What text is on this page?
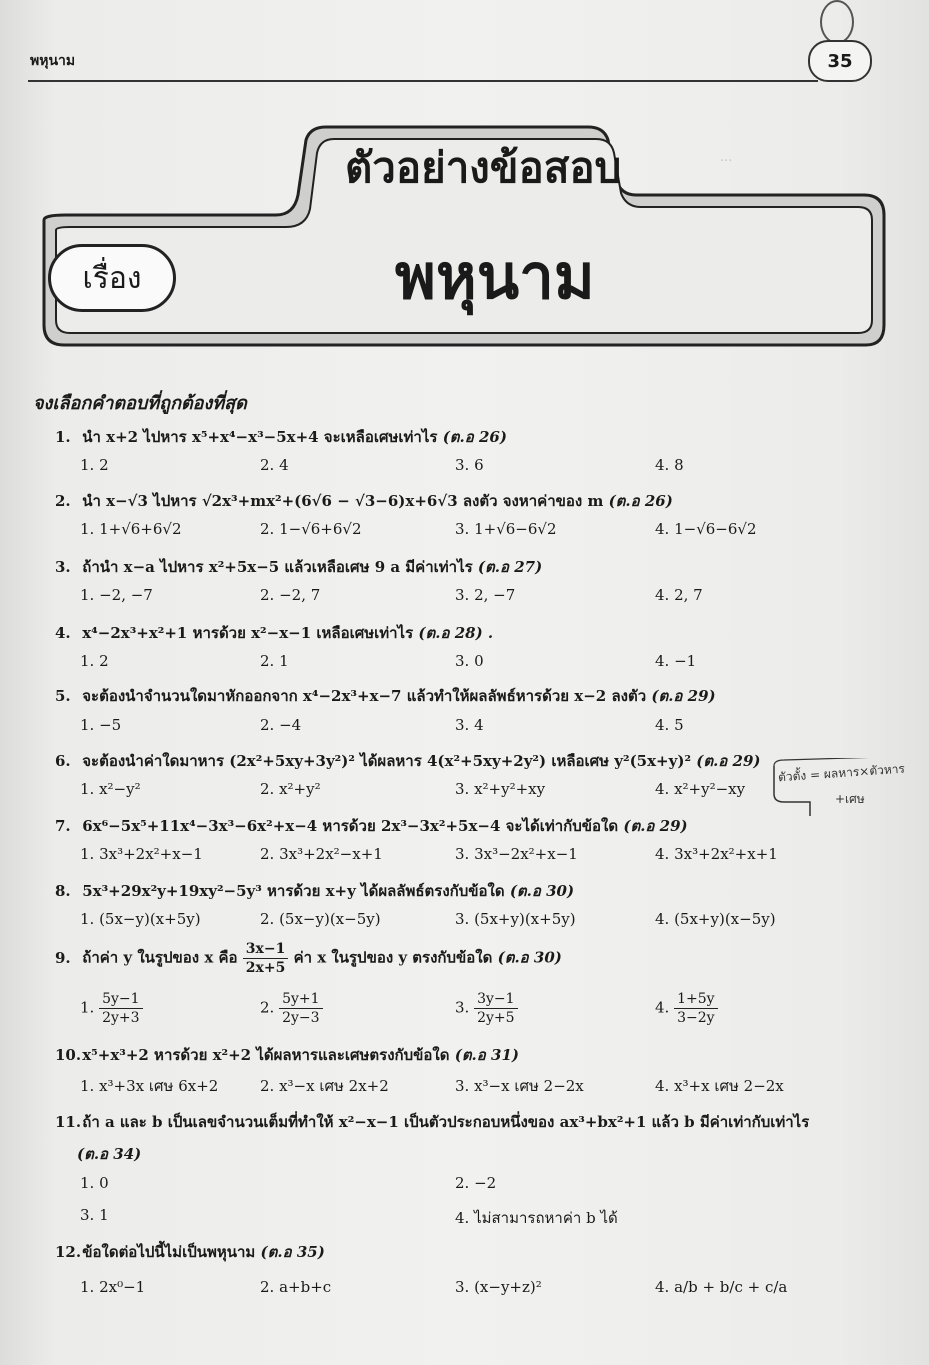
...
พหุนาม	35
ตัวอย่างข้อสอบ
เรื่อง	พหุนาม
จงเลือกคำตอบที่ถูกต้องที่สุด
1. นำ x+2 ไปหาร x⁵+x⁴−x³−5x+4 จะเหลือเศษเท่าไร (ต.อ 26)
1. 2	2. 4	3. 6	4. 8
2. นำ x−√3 ไปหาร √2x³+mx²+(6√6 − √3−6)x+6√3 ลงตัว จงหาค่าของ m (ต.อ 26)
1. 1+√6+6√2	2. 1−√6+6√2	3. 1+√6−6√2	4. 1−√6−6√2
3. ถ้านำ x−a ไปหาร x²+5x−5 แล้วเหลือเศษ 9 a มีค่าเท่าไร (ต.อ 27)
1. −2, −7	2. −2, 7	3. 2, −7	4. 2, 7
4. x⁴−2x³+x²+1 หารด้วย x²−x−1 เหลือเศษเท่าไร (ต.อ 28) .
1. 2	2. 1	3. 0	4. −1
5. จะต้องนำจำนวนใดมาหักออกจาก x⁴−2x³+x−7 แล้วทำให้ผลลัพธ์หารด้วย x−2 ลงตัว (ต.อ 29)
1. −5	2. −4	3. 4	4. 5
6. จะต้องนำค่าใดมาหาร (2x²+5xy+3y²)² ได้ผลหาร 4(x²+5xy+2y²) เหลือเศษ y²(5x+y)² (ต.อ 29)
1. x²−y²	2. x²+y²	3. x²+y²+xy	4. x²+y²−xy
ตัวตั้ง = ผลหาร×ตัวหาร
+เศษ
7. 6x⁶−5x⁵+11x⁴−3x³−6x²+x−4 หารด้วย 2x³−3x²+5x−4 จะได้เท่ากับข้อใด (ต.อ 29)
1. 3x³+2x²+x−1	2. 3x³+2x²−x+1	3. 3x³−2x²+x−1	4. 3x³+2x²+x+1
8. 5x³+29x²y+19xy²−5y³ หารด้วย x+y ได้ผลลัพธ์ตรงกับข้อใด (ต.อ 30)
1. (5x−y)(x+5y)	2. (5x−y)(x−5y)	3. (5x+y)(x+5y)	4. (5x+y)(x−5y)
9. ถ้าค่า y ในรูปของ x คือ $\frac{3x-1}{2x+5}$ ค่า x ในรูปของ y ตรงกับข้อใด (ต.อ 30)
1. $\frac{5y-1}{2y+3}$	2. $\frac{5y+1}{2y-3}$	3. $\frac{3y-1}{2y+5}$	4. $\frac{1+5y}{3-2y}$
10. x⁵+x³+2 หารด้วย x²+2 ได้ผลหารและเศษตรงกับข้อใด (ต.อ 31)
1. x³+3x เศษ 6x+2	2. x³−x เศษ 2x+2	3. x³−x เศษ 2−2x	4. x³+x เศษ 2−2x
11. ถ้า a และ b เป็นเลขจำนวนเต็มที่ทำให้ x²−x−1 เป็นตัวประกอบหนึ่งของ ax³+bx²+1 แล้ว b มีค่าเท่ากับเท่าไร
(ต.อ 34)
1. 0	2. −2
3. 1	4. ไม่สามารถหาค่า b ได้
12. ข้อใดต่อไปนี้ไม่เป็นพหุนาม (ต.อ 35)
1. 2x⁰−1	2. a+b+c	3. (x−y+z)²	4. a/b + b/c + c/a
